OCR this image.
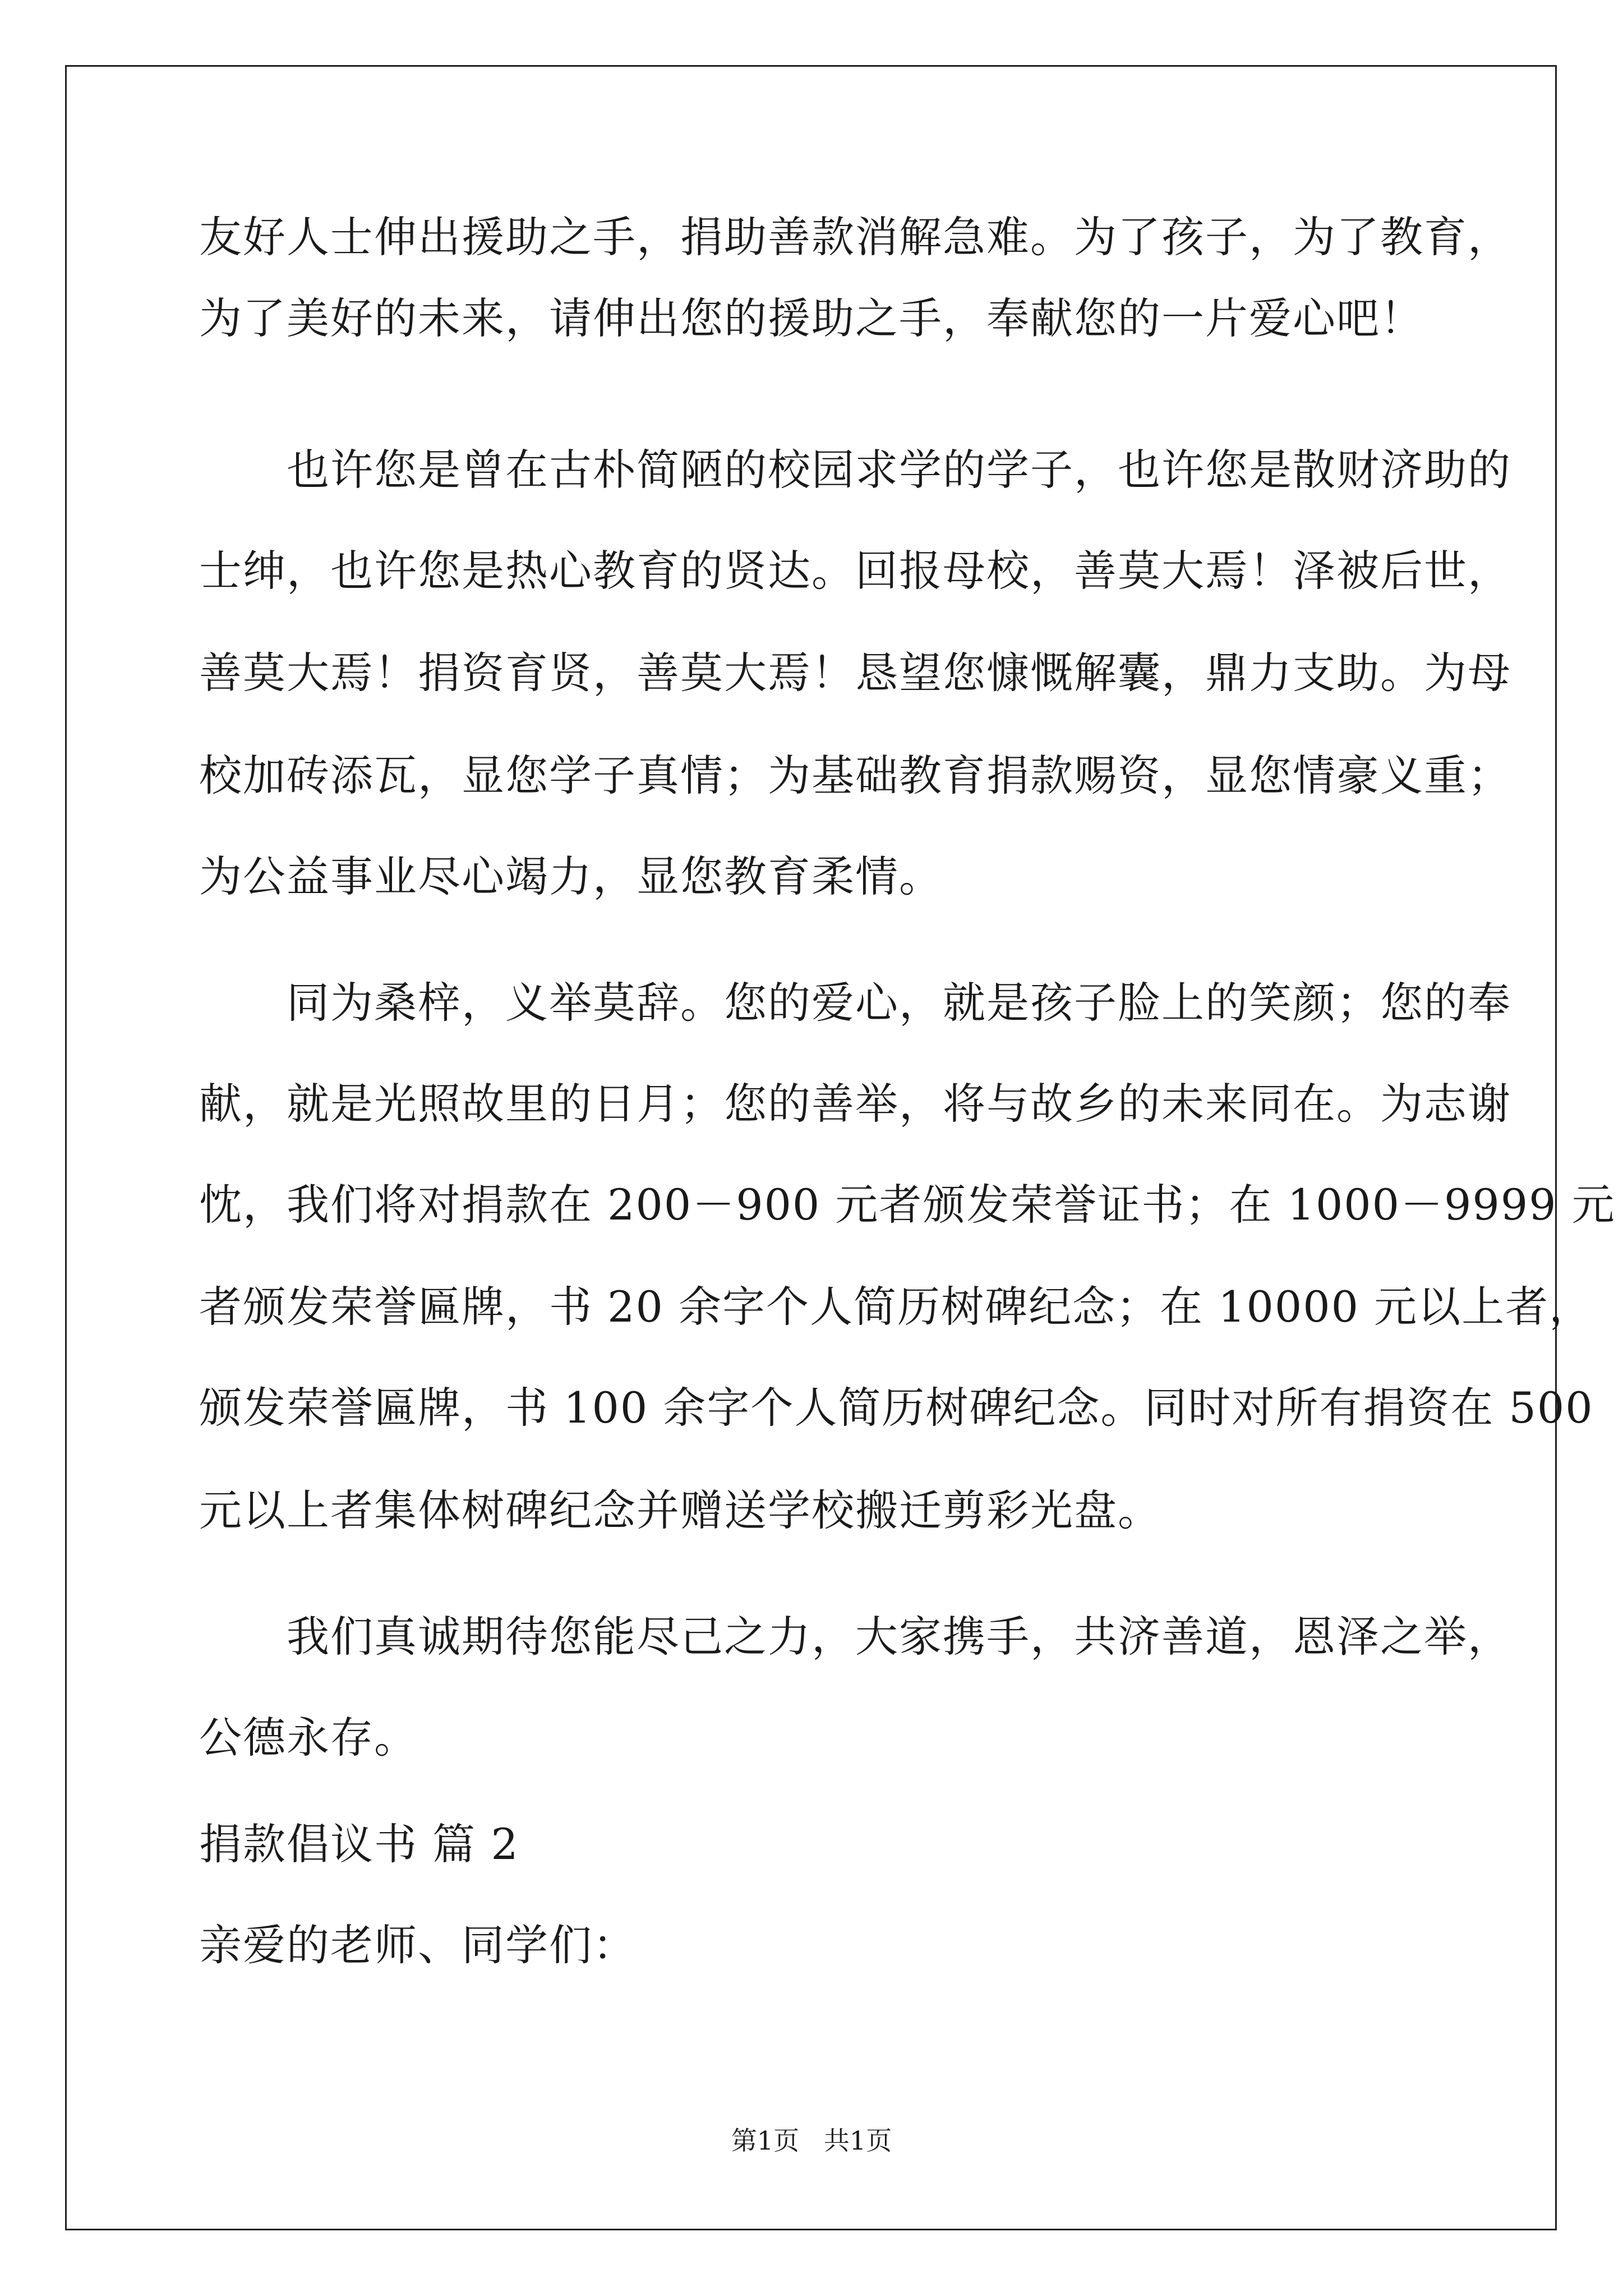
友好人士伸出援助之手，捐助善款消解急难。为了孩子，为了教育，
为了美好的未来，请伸出您的援助之手，奉献您的一片爱心吧！
　　也许您是曾在古朴简陋的校园求学的学子，也许您是散财济助的
士绅，也许您是热心教育的贤达。回报母校，善莫大焉！泽被后世，
善莫大焉！捐资育贤，善莫大焉！恳望您慷慨解囊，鼎力支助。为母
校加砖添瓦，显您学子真情；为基础教育捐款赐资，显您情豪义重；
为公益事业尽心竭力，显您教育柔情。
　　同为桑梓，义举莫辞。您的爱心，就是孩子脸上的笑颜；您的奉
献，就是光照故里的日月；您的善举，将与故乡的未来同在。为志谢
忱，我们将对捐款在 200－900 元者颁发荣誉证书；在 1000－9999 元
者颁发荣誉匾牌，书 20 余字个人简历树碑纪念；在 10000 元以上者，
颁发荣誉匾牌，书 100 余字个人简历树碑纪念。同时对所有捐资在 500
元以上者集体树碑纪念并赠送学校搬迁剪彩光盘。
　　我们真诚期待您能尽己之力，大家携手，共济善道，恩泽之举，
公德永存。
捐款倡议书 篇 2
亲爱的老师、同学们：
第1页   共1页
